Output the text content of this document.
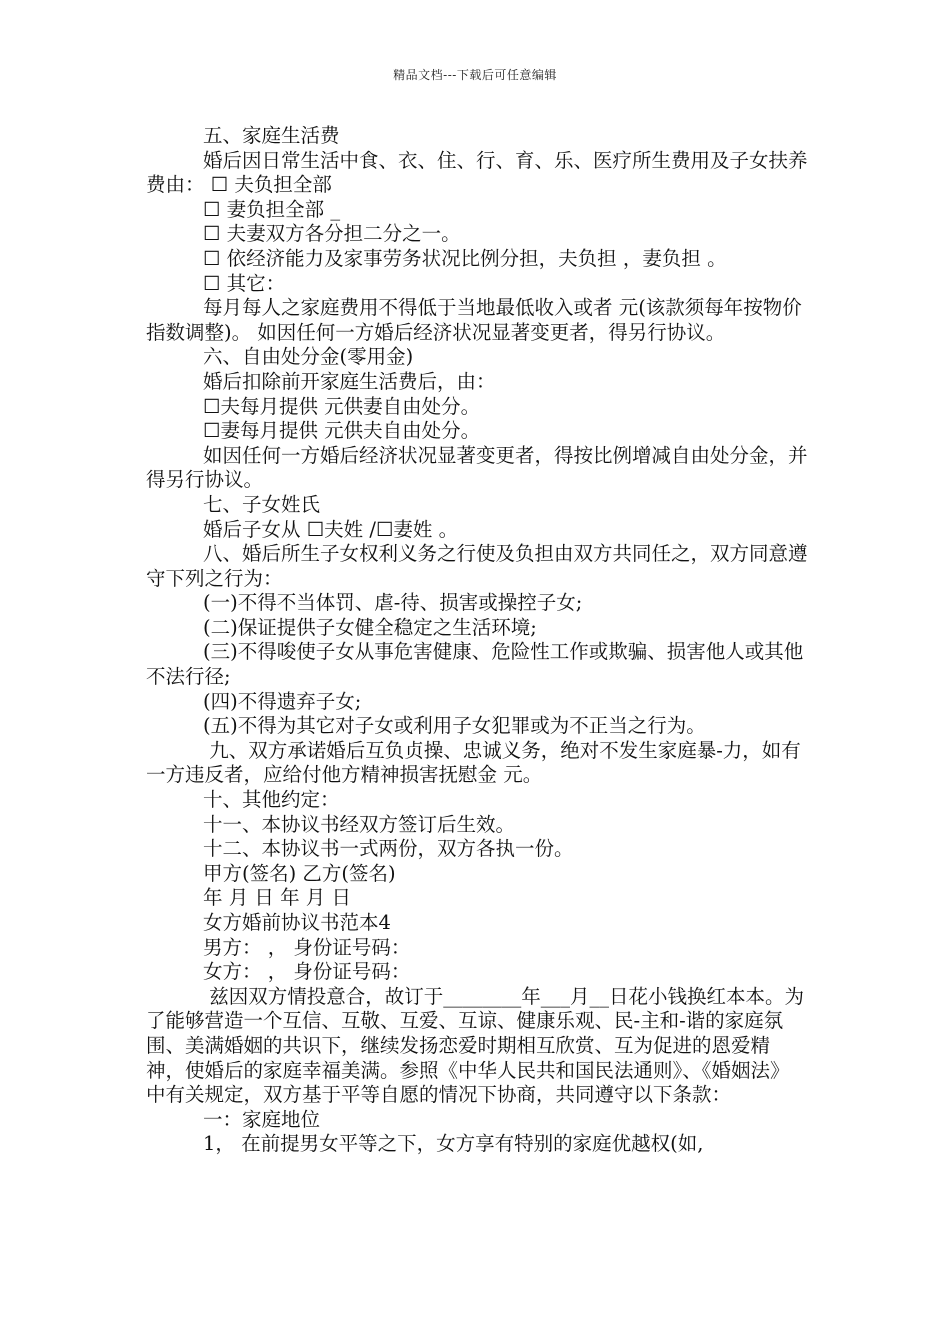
精品文档---下载后可任意编辑

五、家庭生活费

婚后因日常生活中食、衣、住、行、育、乐、医疗所生费用及子女扶养费由： ☐ 夫负担全部

☐ 妻负担全部 _

☐ 夫妻双方各分担二分之一。

☐ 依经济能力及家事劳务状况比例分担，夫负担 ，妻负担 。

☐ 其它：

每月每人之家庭费用不得低于当地最低收入或者 元(该款须每年按物价指数调整)。 如因任何一方婚后经济状况显著变更者，得另行协议。

六、自由处分金(零用金)

婚后扣除前开家庭生活费后，由：

☐夫每月提供 元供妻自由处分。

☐妻每月提供 元供夫自由处分。

如因任何一方婚后经济状况显著变更者，得按比例增减自由处分金，并得另行协议。

七、子女姓氏

婚后子女从 ☐夫姓 /☐妻姓 。

八、婚后所生子女权利义务之行使及负担由双方共同任之，双方同意遵守下列之行为：

(一)不得不当体罚、虐-待、损害或操控子女;

(二)保证提供子女健全稳定之生活环境;

(三)不得唆使子女从事危害健康、危险性工作或欺骗、损害他人或其他不法行径;

(四)不得遗弃子女;

(五)不得为其它对子女或利用子女犯罪或为不正当之行为。

九、双方承诺婚后互负贞操、忠诚义务，绝对不发生家庭暴-力，如有一方违反者，应给付他方精神损害抚慰金 元。

十、其他约定：

十一、本协议书经双方签订后生效。

十二、本协议书一式两份，双方各执一份。

甲方(签名) 乙方(签名)

年 月 日 年 月 日

女方婚前协议书范本4

男方： ， 身份证号码：

女方： ， 身份证号码：

兹因双方情投意合，故订于________年___月__日花小钱换红本本。为了能够营造一个互信、互敬、互爱、互谅、健康乐观、民-主和-谐的家庭氛围、美满婚姻的共识下，继续发扬恋爱时期相互欣赏、互为促进的恩爱精神，使婚后的家庭幸福美满。参照《中华人民共和国民法通则》、《婚姻法》中有关规定，双方基于平等自愿的情况下协商，共同遵守以下条款：

一：家庭地位

1， 在前提男女平等之下，女方享有特别的家庭优越权(如,
